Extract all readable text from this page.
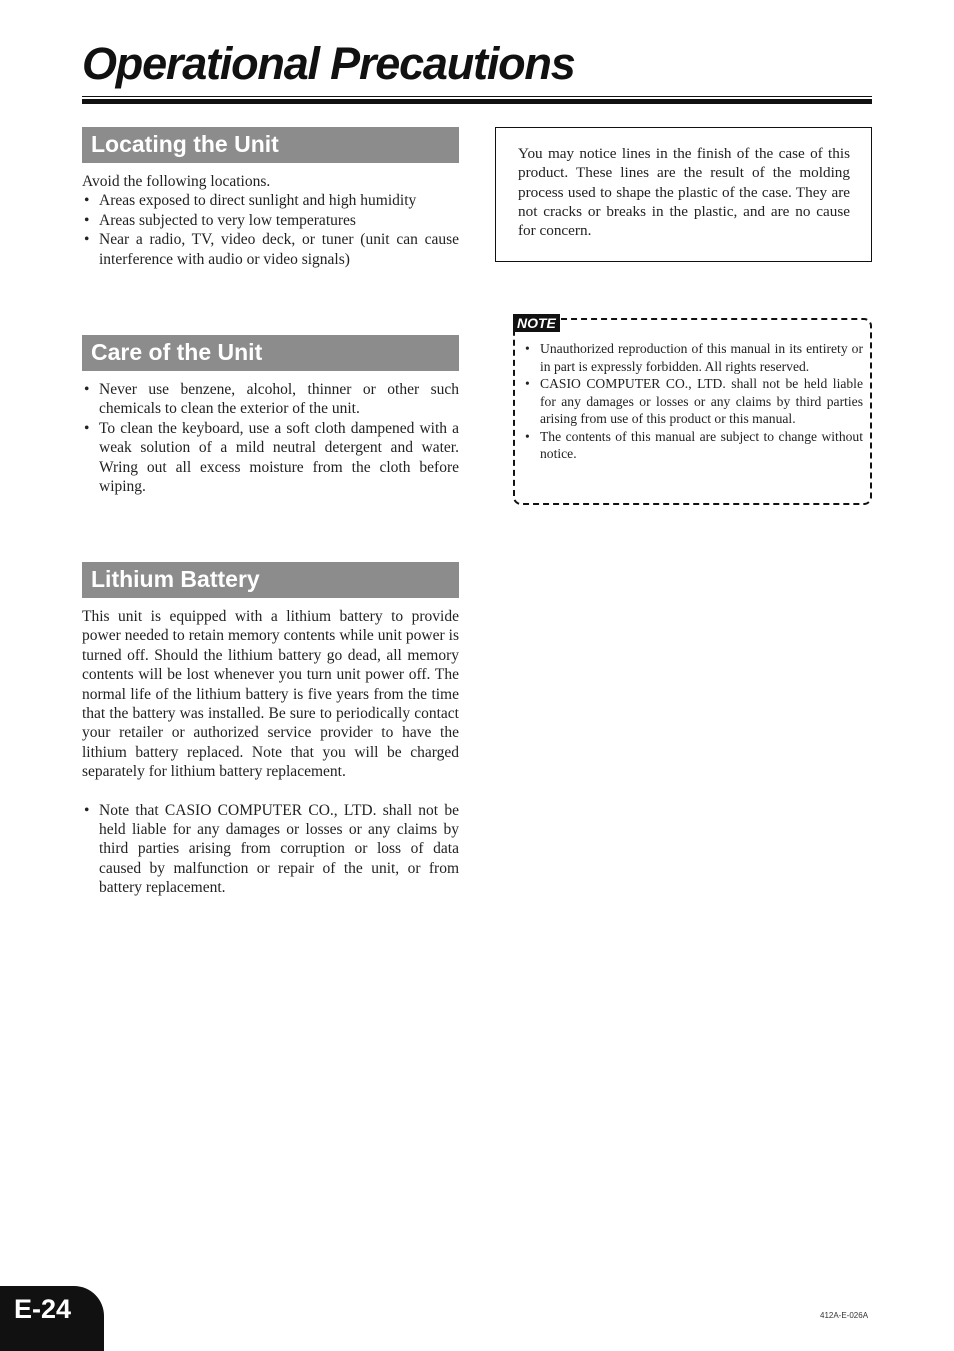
Operational Precautions
Locating the Unit

Avoid the following locations.

• Areas exposed to direct sunlight and high humidity
• Areas subjected to very low temperatures
• Near a radio, TV, video deck, or tuner (unit can cause interference with audio or video signals)
Care of the Unit
• Never use benzene, alcohol, thinner or other such chemicals to clean the exterior of the unit.
• To clean the keyboard, use a soft cloth dampened with a weak solution of a mild neutral detergent and water. Wring out all excess moisture from the cloth before wiping.
Lithium Battery

This unit is equipped with a lithium battery to provide power needed to retain memory contents while unit power is turned off. Should the lithium battery go dead, all memory contents will be lost whenever you turn unit power off. The normal life of the lithium battery is five years from the time that the battery was installed. Be sure to periodically contact your retailer or authorized service provider to have the lithium battery replaced. Note that you will be charged separately for lithium battery replacement.

• Note that CASIO COMPUTER CO., LTD. shall not be held liable for any damages or losses or any claims by third parties arising from corruption or loss of data caused by malfunction or repair of the unit, or from battery replacement.

You may notice lines in the finish of the case of this product. These lines are the result of the molding process used to shape the plastic of the case. They are not cracks or breaks in the plastic, and are no cause for concern.

NOTE
• Unauthorized reproduction of this manual in its entirety or in part is expressly forbidden. All rights reserved.
• CASIO COMPUTER CO., LTD. shall not be held liable for any damages or losses or any claims by third parties arising from use of this product or this manual.
• The contents of this manual are subject to change without notice.
E-24	412A-E-026A
